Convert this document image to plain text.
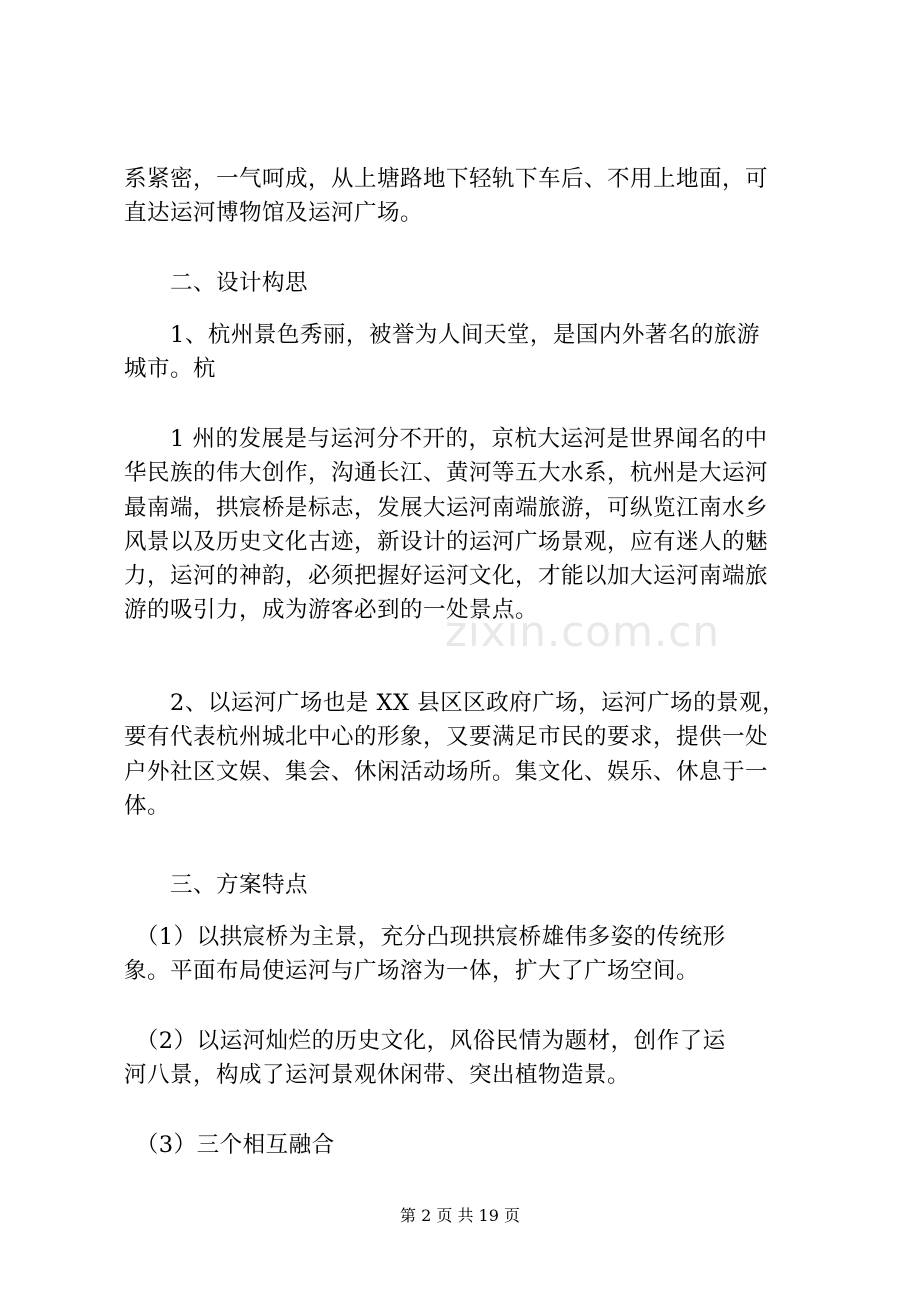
系紧密，一气呵成，从上塘路地下轻轨下车后、不用上地面，可
直达运河博物馆及运河广场。
　　二、设计构思
　　1、杭州景色秀丽，被誉为人间天堂，是国内外著名的旅游
城市。杭
　　1 州的发展是与运河分不开的，京杭大运河是世界闻名的中
华民族的伟大创作，沟通长江、黄河等五大水系，杭州是大运河
最南端，拱宸桥是标志，发展大运河南端旅游，可纵览江南水乡
风景以及历史文化古迹，新设计的运河广场景观，应有迷人的魅
力，运河的神韵，必须把握好运河文化，才能以加大运河南端旅
游的吸引力，成为游客必到的一处景点。
　　2、以运河广场也是 XX 县区区政府广场，运河广场的景观，
要有代表杭州城北中心的形象，又要满足市民的要求，提供一处
户外社区文娱、集会、休闲活动场所。集文化、娱乐、休息于一
体。
　　三、方案特点
　（1）以拱宸桥为主景，充分凸现拱宸桥雄伟多姿的传统形
象。平面布局使运河与广场溶为一体，扩大了广场空间。
　（2）以运河灿烂的历史文化，风俗民情为题材，创作了运
河八景，构成了运河景观休闲带、突出植物造景。
　（3）三个相互融合
zixin.com.cn
第 2 页 共 19 页
